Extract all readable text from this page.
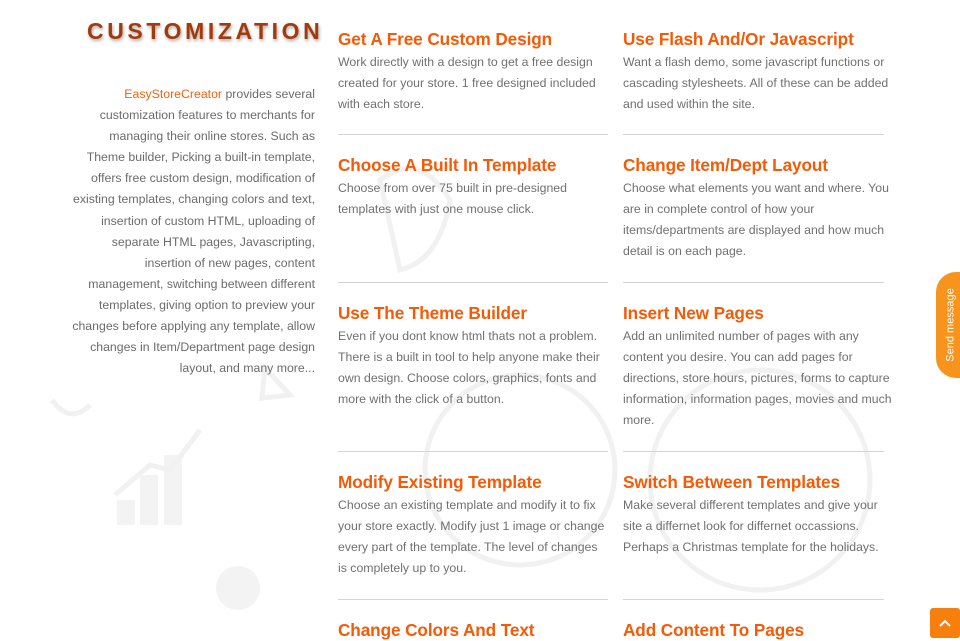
CUSTOMIZATION

EasyStoreCreator provides several customization features to merchants for managing their online stores. Such as Theme builder, Picking a built-in template, offers free custom design, modification of existing templates, changing colors and text, insertion of custom HTML, uploading of separate HTML pages, Javascripting, insertion of new pages, content management, switching between different templates, giving option to preview your changes before applying any template, allow changes in Item/Department page design layout, and many more...

Get A Free Custom Design

Work directly with a design to get a free design created for your store. 1 free designed included with each store.

Use Flash And/Or Javascript

Want a flash demo, some javascript functions or cascading stylesheets. All of these can be added and used within the site.

Choose A Built In Template

Choose from over 75 built in pre-designed templates with just one mouse click.

Change Item/Dept Layout

Choose what elements you want and where. You are in complete control of how your items/departments are displayed and how much detail is on each page.

Use The Theme Builder

Even if you dont know html thats not a problem. There is a built in tool to help anyone make their own design. Choose colors, graphics, fonts and more with the click of a button.

Insert New Pages

Add an unlimited number of pages with any content you desire. You can add pages for directions, store hours, pictures, forms to capture information, information pages, movies and much more.

Modify Existing Template

Choose an existing template and modify it to fix your store exactly. Modify just 1 image or change every part of the template. The level of changes is completely up to you.

Switch Between Templates

Make several different templates and give your site a differnet look for differnet occassions. Perhaps a Christmas template for the holidays.

Change Colors And Text	Add Content To Pages
Send message
